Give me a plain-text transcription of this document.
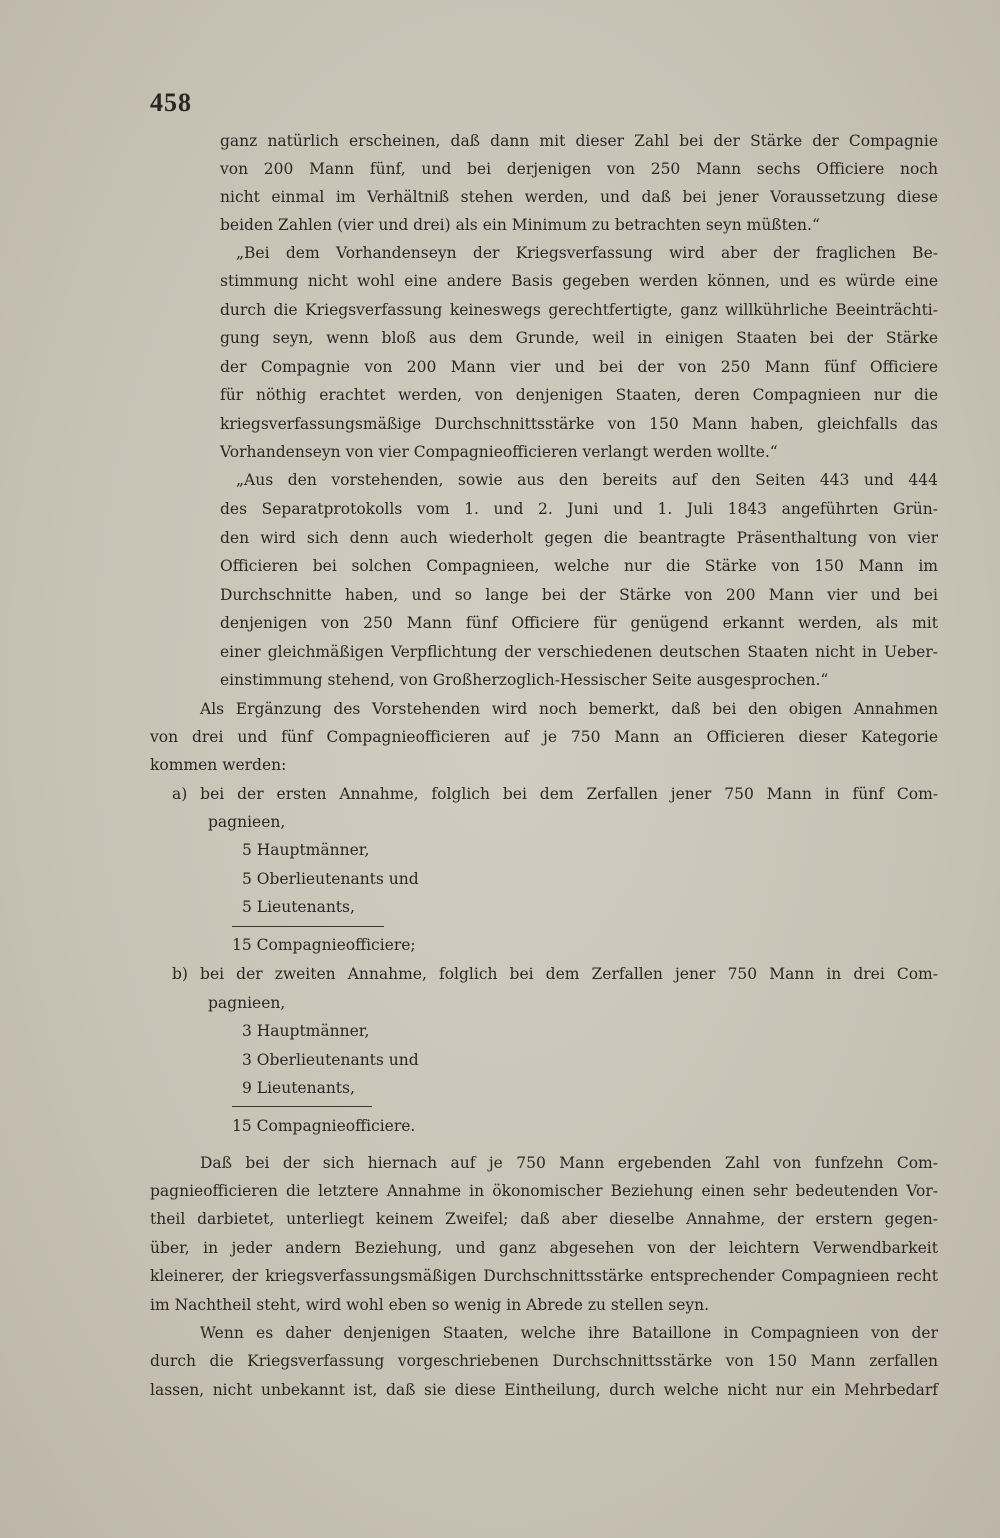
458
ganz natürlich erscheinen, daß dann mit dieser Zahl bei der Stärke der Compagnie
von 200 Mann fünf, und bei derjenigen von 250 Mann sechs Officiere noch
nicht einmal im Verhältniß stehen werden, und daß bei jener Voraussetzung diese
beiden Zahlen (vier und drei) als ein Minimum zu betrachten seyn müßten.“
„Bei dem Vorhandenseyn der Kriegsverfassung wird aber der fraglichen Be-
stimmung nicht wohl eine andere Basis gegeben werden können, und es würde eine
durch die Kriegsverfassung keineswegs gerechtfertigte, ganz willkührliche Beeinträchti-
gung seyn, wenn bloß aus dem Grunde, weil in einigen Staaten bei der Stärke
der Compagnie von 200 Mann vier und bei der von 250 Mann fünf Officiere
für nöthig erachtet werden, von denjenigen Staaten, deren Compagnieen nur die
kriegsverfassungsmäßige Durchschnittsstärke von 150 Mann haben, gleichfalls das
Vorhandenseyn von vier Compagnieofficieren verlangt werden wollte.“
„Aus den vorstehenden, sowie aus den bereits auf den Seiten 443 und 444
des Separatprotokolls vom 1. und 2. Juni und 1. Juli 1843 angeführten Grün-
den wird sich denn auch wiederholt gegen die beantragte Präsenthaltung von vier
Officieren bei solchen Compagnieen, welche nur die Stärke von 150 Mann im
Durchschnitte haben, und so lange bei der Stärke von 200 Mann vier und bei
denjenigen von 250 Mann fünf Officiere für genügend erkannt werden, als mit
einer gleichmäßigen Verpflichtung der verschiedenen deutschen Staaten nicht in Ueber-
einstimmung stehend, von Großherzoglich-Hessischer Seite ausgesprochen.“
Als Ergänzung des Vorstehenden wird noch bemerkt, daß bei den obigen Annahmen
von drei und fünf Compagnieofficieren auf je 750 Mann an Officieren dieser Kategorie
kommen werden:
a) bei der ersten Annahme, folglich bei dem Zerfallen jener 750 Mann in fünf Com-
pagnieen,
5 Hauptmänner,
5 Oberlieutenants und
5 Lieutenants,
15 Compagnieofficiere;
b) bei der zweiten Annahme, folglich bei dem Zerfallen jener 750 Mann in drei Com-
pagnieen,
3 Hauptmänner,
3 Oberlieutenants und
9 Lieutenants,
15 Compagnieofficiere.
Daß bei der sich hiernach auf je 750 Mann ergebenden Zahl von funfzehn Com-
pagnieofficieren die letztere Annahme in ökonomischer Beziehung einen sehr bedeutenden Vor-
theil darbietet, unterliegt keinem Zweifel; daß aber dieselbe Annahme, der erstern gegen-
über, in jeder andern Beziehung, und ganz abgesehen von der leichtern Verwendbarkeit
kleinerer, der kriegsverfassungsmäßigen Durchschnittsstärke entsprechender Compagnieen recht
im Nachtheil steht, wird wohl eben so wenig in Abrede zu stellen seyn.
Wenn es daher denjenigen Staaten, welche ihre Bataillone in Compagnieen von der
durch die Kriegsverfassung vorgeschriebenen Durchschnittsstärke von 150 Mann zerfallen
lassen, nicht unbekannt ist, daß sie diese Eintheilung, durch welche nicht nur ein Mehrbedarf
